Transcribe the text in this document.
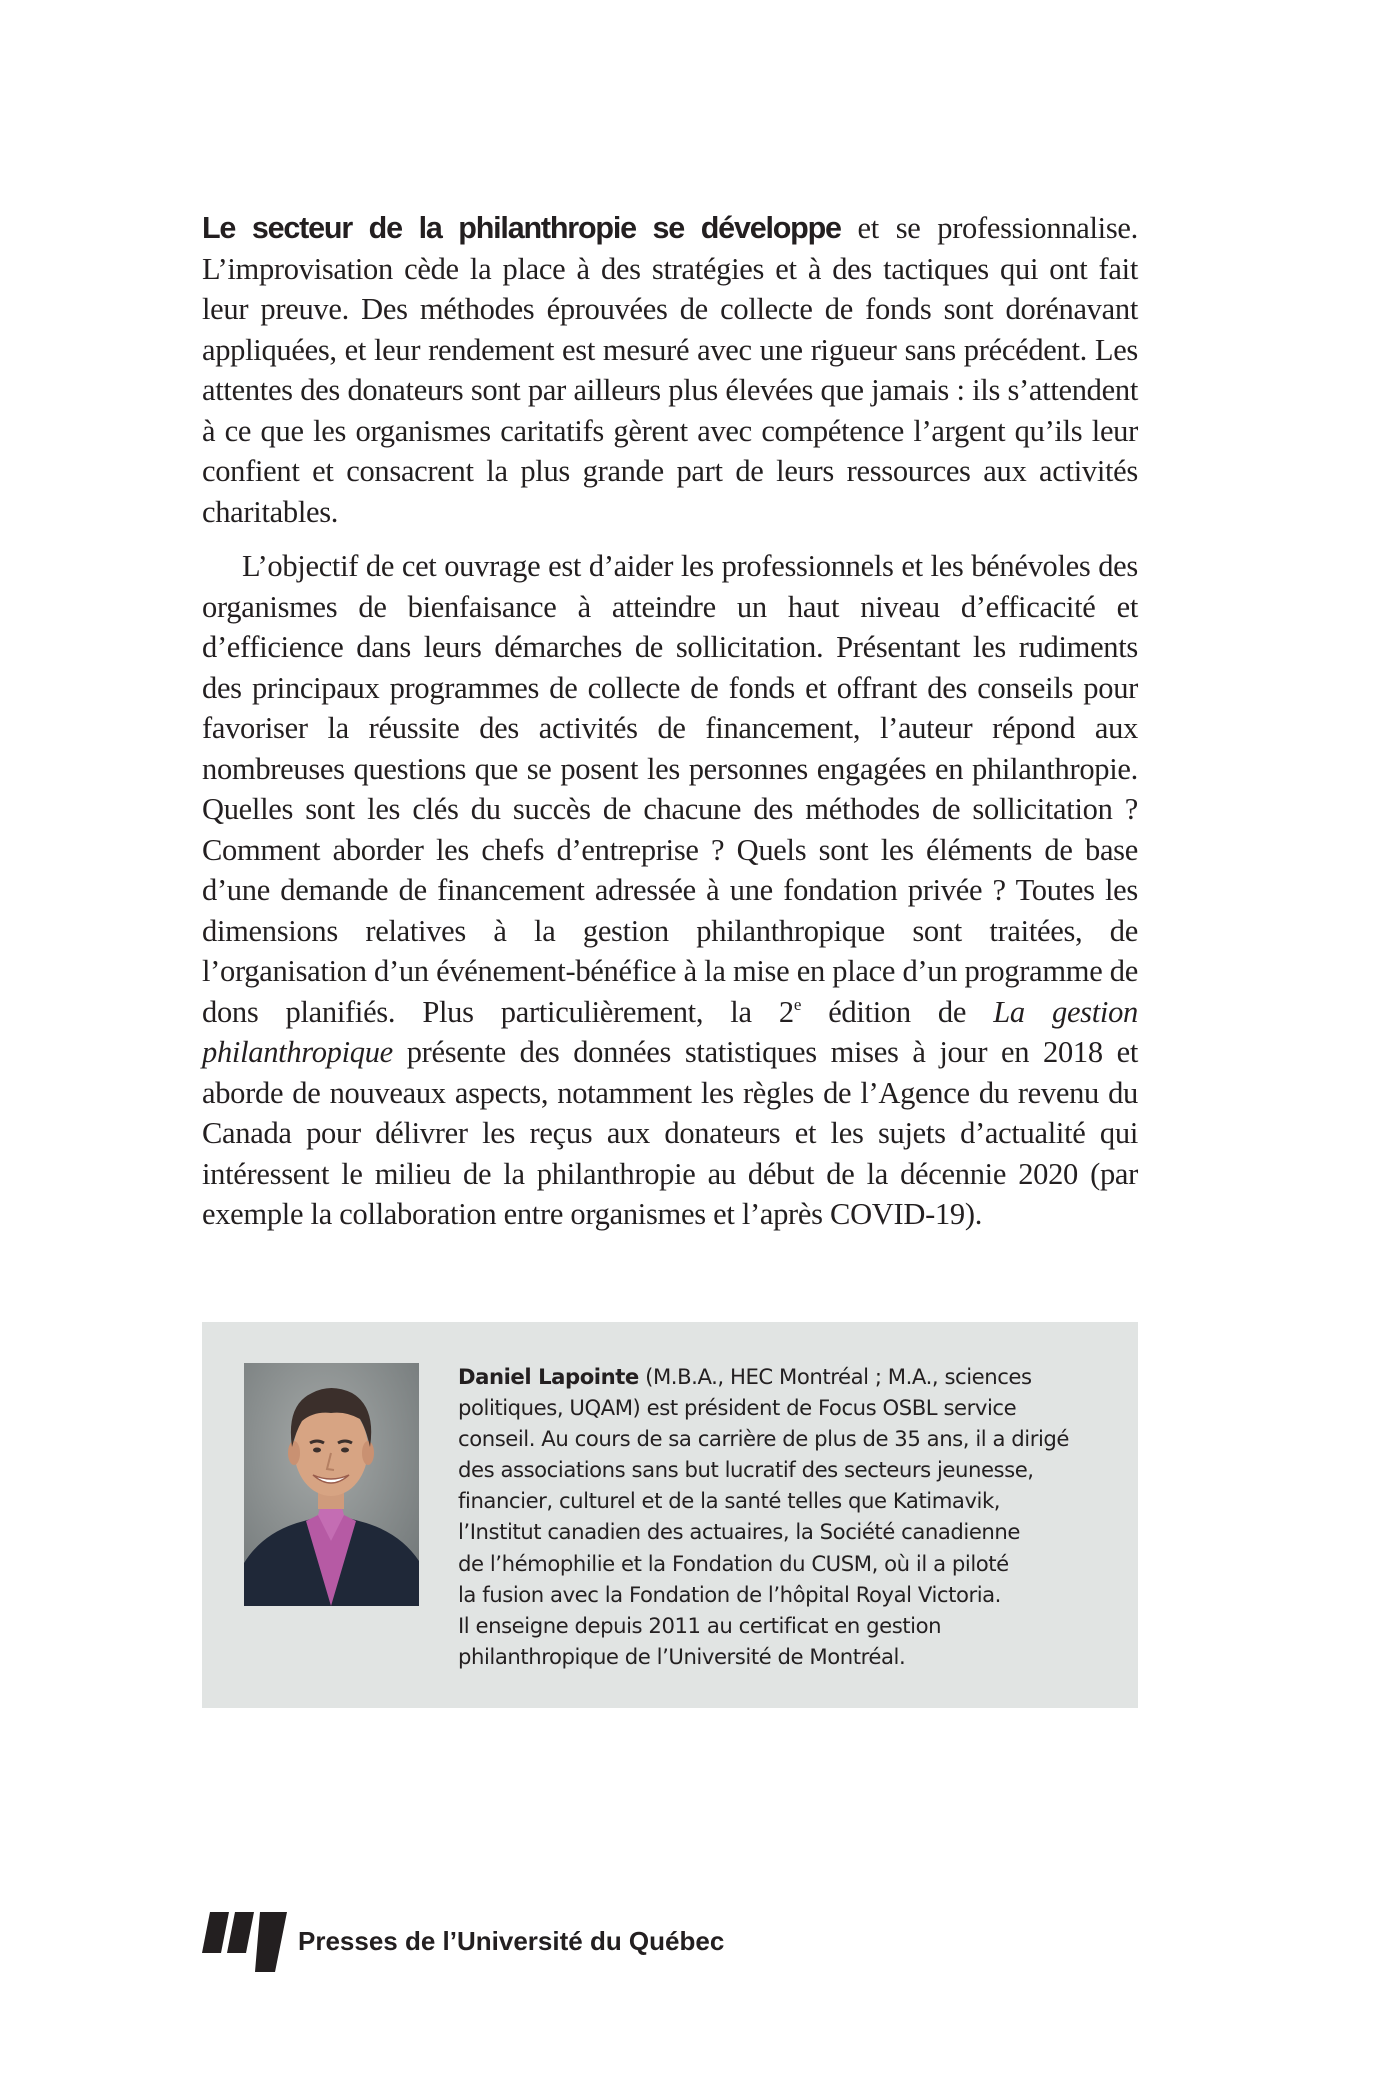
Le secteur de la philanthropie se développe et se professionnalise. L’improvisation cède la place à des stratégies et à des tactiques qui ont fait leur preuve. Des méthodes éprouvées de collecte de fonds sont dorénavant appliquées, et leur rendement est mesuré avec une rigueur sans précédent. Les attentes des donateurs sont par ailleurs plus élevées que jamais : ils s’attendent à ce que les organismes caritatifs gèrent avec compétence l’argent qu’ils leur confient et consacrent la plus grande part de leurs ressources aux activités charitables.

L’objectif de cet ouvrage est d’aider les professionnels et les bénévoles des organismes de bienfaisance à atteindre un haut niveau d’efficacité et d’efficience dans leurs démarches de sollicitation. Présentant les rudiments des principaux programmes de collecte de fonds et offrant des conseils pour favoriser la réussite des activités de financement, l’auteur répond aux nombreuses questions que se posent les personnes engagées en philanthropie. Quelles sont les clés du succès de chacune des méthodes de sollicitation ? Comment aborder les chefs d’entreprise ? Quels sont les éléments de base d’une demande de financement adressée à une fondation privée ? Toutes les dimensions relatives à la gestion philanthropique sont traitées, de l’organisation d’un événement-bénéfice à la mise en place d’un programme de dons planifiés. Plus particulièrement, la 2e édition de La gestion philanthropique présente des données statistiques mises à jour en 2018 et aborde de nouveaux aspects, notamment les règles de l’Agence du revenu du Canada pour délivrer les reçus aux donateurs et les sujets d’actualité qui intéressent le milieu de la philanthropie au début de la décennie 2020 (par exemple la collaboration entre organismes et l’après COVID-19).

Daniel Lapointe (M.B.A., HEC Montréal ; M.A., sciences
politiques, UQAM) est président de Focus OSBL service
conseil. Au cours de sa carrière de plus de 35 ans, il a dirigé
des associations sans but lucratif des secteurs jeunesse,
financier, culturel et de la santé telles que Katimavik,
l’Institut canadien des actuaires, la Société canadienne
de l’hémophilie et la Fondation du CUSM, où il a piloté
la fusion avec la Fondation de l’hôpital Royal Victoria.
Il enseigne depuis 2011 au certificat en gestion
philanthropique de l’Université de Montréal.
Presses de l’Université du Québec
